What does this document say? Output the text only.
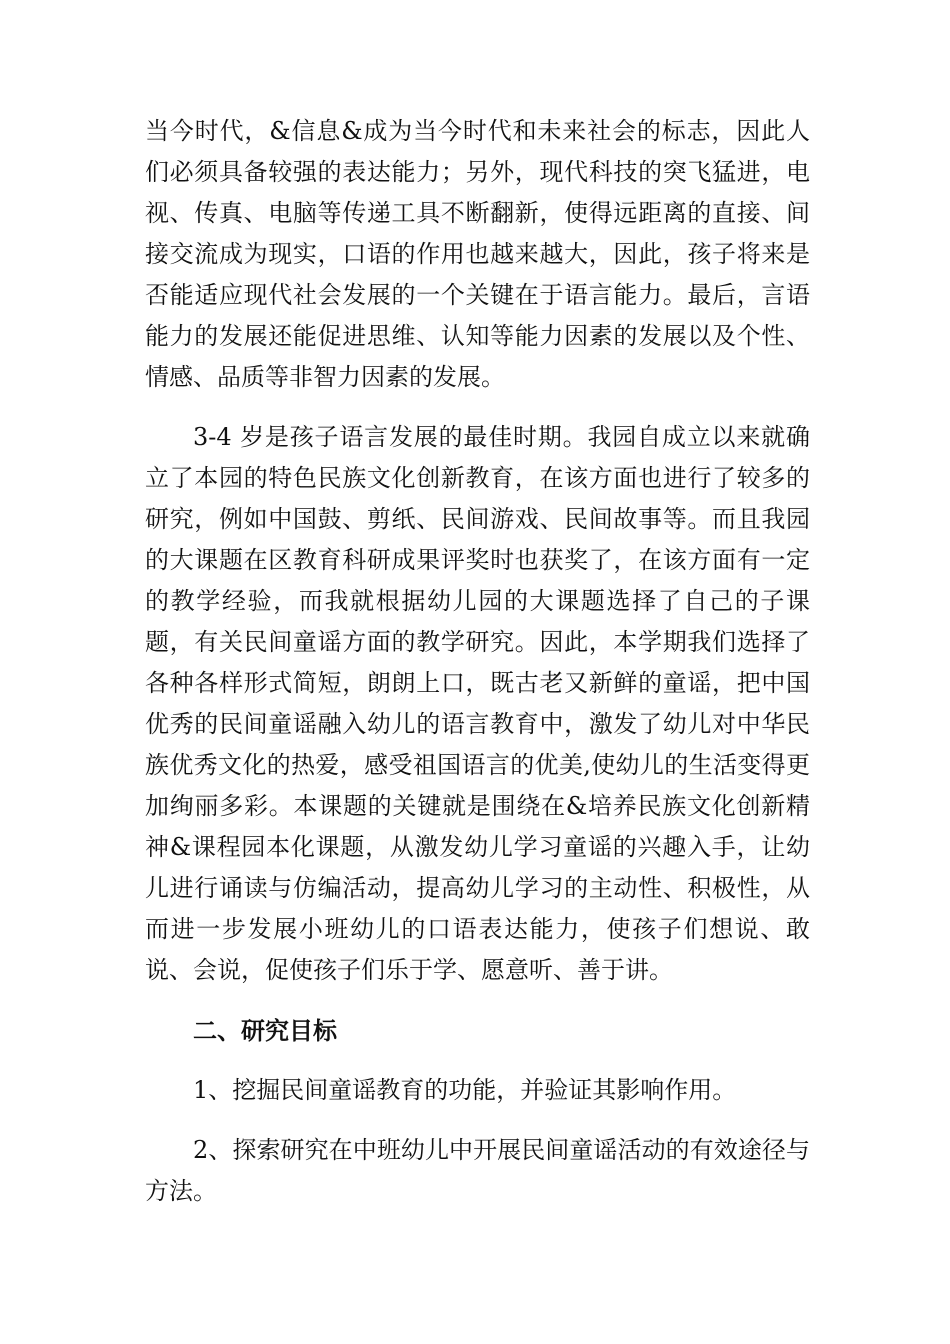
当今时代，&信息&成为当今时代和未来社会的标志，因此人们必须具备较强的表达能力；另外，现代科技的突飞猛进，电视、传真、电脑等传递工具不断翻新，使得远距离的直接、间接交流成为现实，口语的作用也越来越大，因此，孩子将来是否能适应现代社会发展的一个关键在于语言能力。最后，言语能力的发展还能促进思维、认知等能力因素的发展以及个性、情感、品质等非智力因素的发展。

3-4 岁是孩子语言发展的最佳时期。我园自成立以来就确立了本园的特色民族文化创新教育，在该方面也进行了较多的研究，例如中国鼓、剪纸、民间游戏、民间故事等。而且我园的大课题在区教育科研成果评奖时也获奖了，在该方面有一定的教学经验，而我就根据幼儿园的大课题选择了自己的子课题，有关民间童谣方面的教学研究。因此，本学期我们选择了各种各样形式简短，朗朗上口，既古老又新鲜的童谣，把中国优秀的民间童谣融入幼儿的语言教育中，激发了幼儿对中华民族优秀文化的热爱，感受祖国语言的优美,使幼儿的生活变得更加绚丽多彩。本课题的关键就是围绕在&培养民族文化创新精神&课程园本化课题，从激发幼儿学习童谣的兴趣入手，让幼儿进行诵读与仿编活动，提高幼儿学习的主动性、积极性，从而进一步发展小班幼儿的口语表达能力，使孩子们想说、敢说、会说，促使孩子们乐于学、愿意听、善于讲。

二、研究目标

1、挖掘民间童谣教育的功能，并验证其影响作用。

2、探索研究在中班幼儿中开展民间童谣活动的有效途径与方法。
